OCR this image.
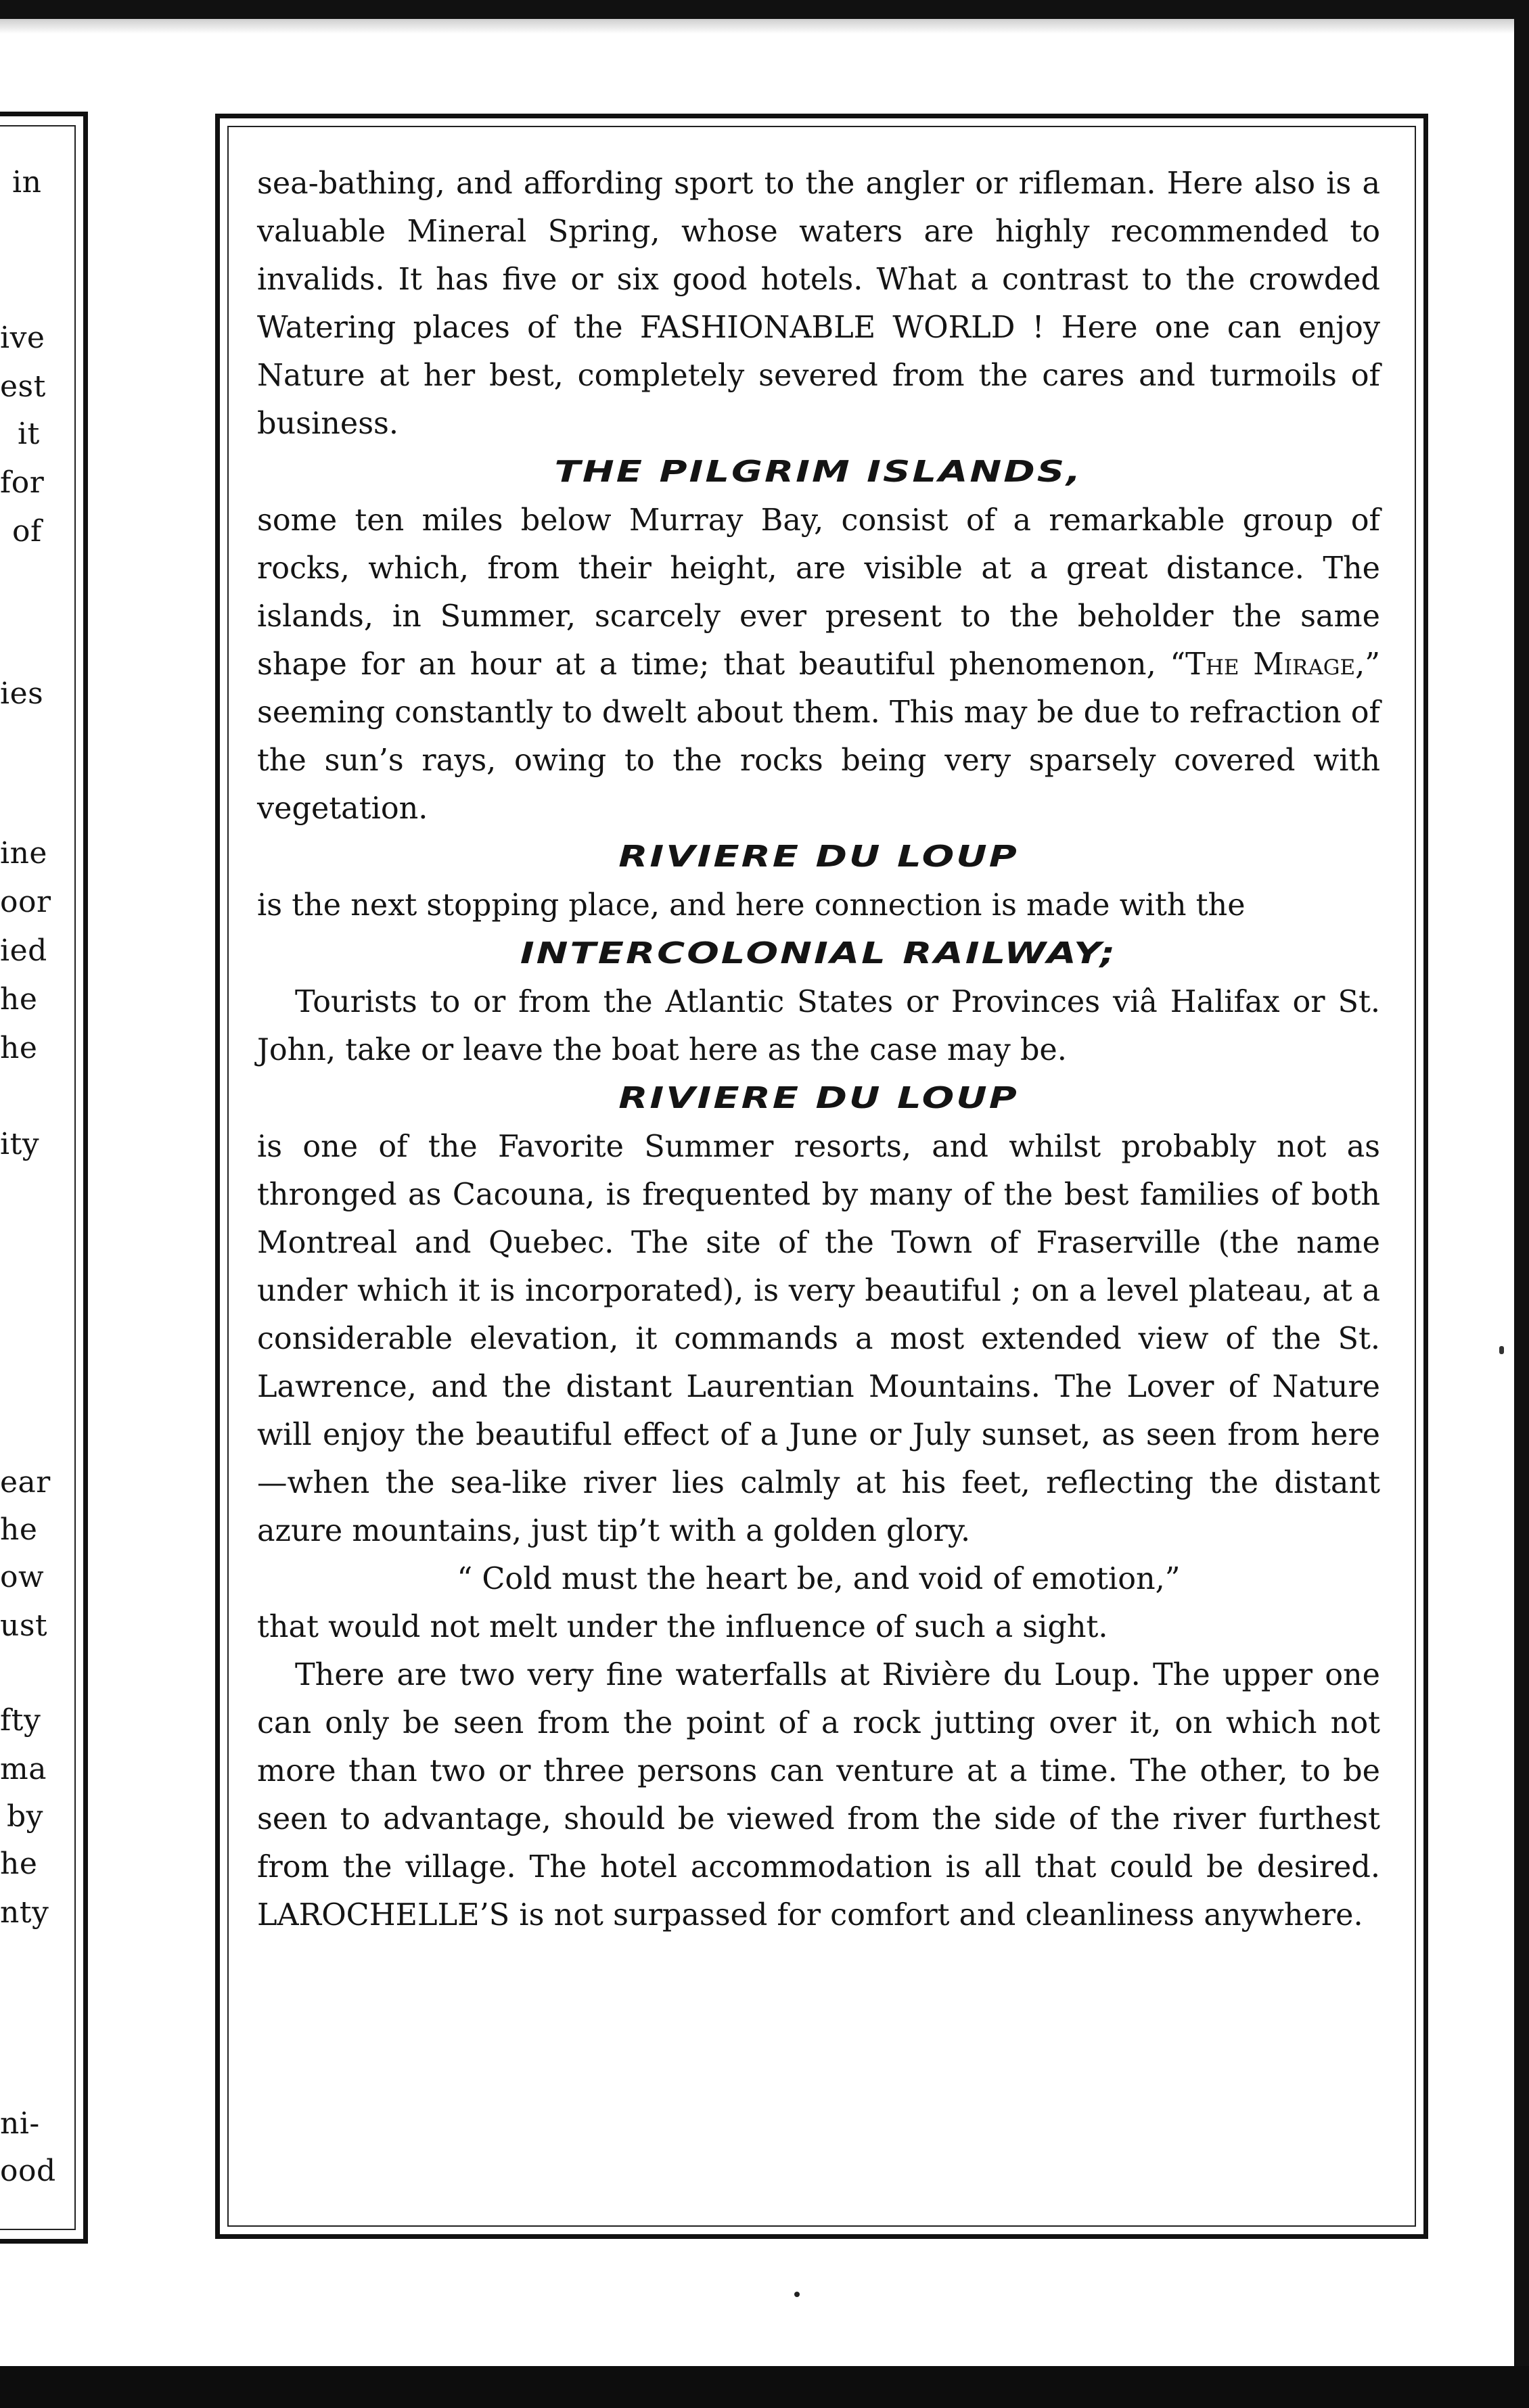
in
ive
est
it
for
of
ies
ine
oor
ied
he
he
ity
ear
he
ow
ust
fty
ma
by
he
nty
ni-
ood

sea-bathing, and affording sport to the angler or rifleman. Here also is a valuable Mineral Spring, whose waters are highly recommended to invalids. It has five or six good hotels. What a contrast to the crowded Watering places of the FASHIONABLE WORLD ! Here one can enjoy Nature at her best, completely severed from the cares and turmoils of business.

THE PILGRIM ISLANDS,

some ten miles below Murray Bay, consist of a remarkable group of rocks, which, from their height, are visible at a great distance. The islands, in Summer, scarcely ever present to the beholder the same shape for an hour at a time; that beautiful phenomenon, “The Mirage,” seeming constantly to dwelt about them. This may be due to refraction of the sun’s rays, owing to the rocks being very sparsely covered with vegetation.

RIVIERE DU LOUP

is the next stopping place, and here connection is made with the

INTERCOLONIAL RAILWAY;

Tourists to or from the Atlantic States or Provinces viâ Halifax or St. John, take or leave the boat here as the case may be.

RIVIERE DU LOUP

is one of the Favorite Summer resorts, and whilst probably not as thronged as Cacouna, is frequented by many of the best families of both Montreal and Quebec. The site of the Town of Fraserville (the name under which it is incorporated), is very beautiful ; on a level plateau, at a considerable elevation, it commands a most extended view of the St. Lawrence, and the distant Laurentian Mountains. The Lover of Nature will enjoy the beautiful effect of a June or July sunset, as seen from here—when the sea-like river lies calmly at his feet, reflecting the distant azure mountains, just tip’t with a golden glory.

“ Cold must the heart be, and void of emotion,”

that would not melt under the influence of such a sight.

There are two very fine waterfalls at Rivière du Loup. The upper one can only be seen from the point of a rock jutting over it, on which not more than two or three persons can venture at a time. The other, to be seen to advantage, should be viewed from the side of the river furthest from the village. The hotel accommodation is all that could be desired. LAROCHELLE’S is not surpassed for comfort and cleanliness anywhere.
